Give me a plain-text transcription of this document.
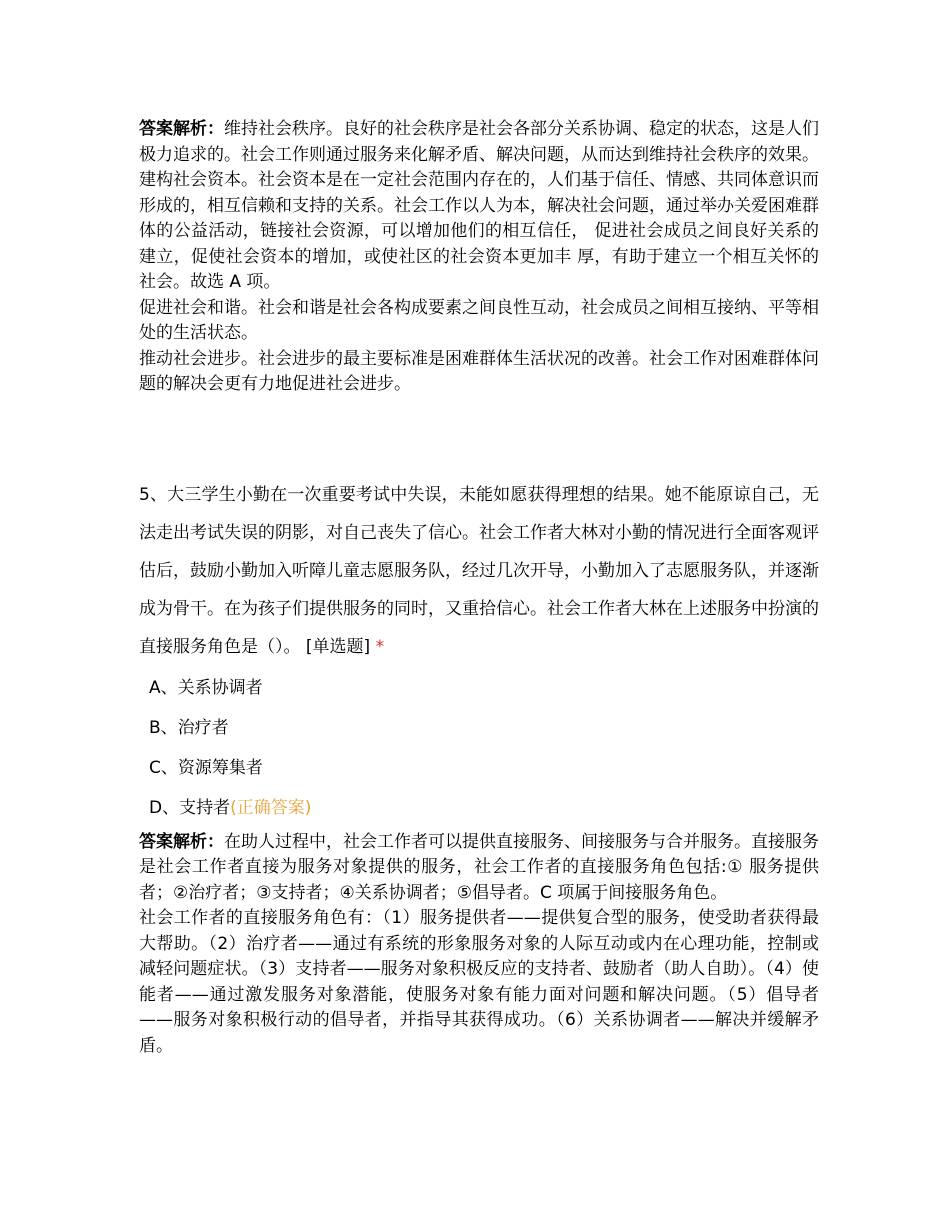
答案解析：维持社会秩序。良好的社会秩序是社会各部分关系协调、稳定的状态，这是人们极力追求的。社会工作则通过服务来化解矛盾、解决问题，从而达到维持社会秩序的效果。

建构社会资本。社会资本是在一定社会范围内存在的，人们基于信任、情感、共同体意识而形成的，相互信赖和支持的关系。社会工作以人为本，解决社会问题，通过举办关爱困难群体的公益活动，链接社会资源，可以增加他们的相互信任， 促进社会成员之间良好关系的建立，促使社会资本的增加，或使社区的社会资本更加丰 厚，有助于建立一个相互关怀的社会。故选 A 项。

促进社会和谐。社会和谐是社会各构成要素之间良性互动，社会成员之间相互接纳、平等相处的生活状态。

推动社会进步。社会进步的最主要标准是困难群体生活状况的改善。社会工作对困难群体问题的解决会更有力地促进社会进步。

5、大三学生小勤在一次重要考试中失误，未能如愿获得理想的结果。她不能原谅自己，无法走出考试失误的阴影，对自己丧失了信心。社会工作者大林对小勤的情况进行全面客观评估后，鼓励小勤加入听障儿童志愿服务队，经过几次开导，小勤加入了志愿服务队，并逐渐成为骨干。在为孩子们提供服务的同时，又重拾信心。社会工作者大林在上述服务中扮演的直接服务角色是（）。 [单选题] *
A、关系协调者
B、治疗者
C、资源筹集者
D、支持者(正确答案)

答案解析：在助人过程中，社会工作者可以提供直接服务、间接服务与合并服务。直接服务是社会工作者直接为服务对象提供的服务，社会工作者的直接服务角色包括:① 服务提供者；②治疗者；③支持者；④关系协调者；⑤倡导者。C 项属于间接服务角色。

社会工作者的直接服务角色有：（1）服务提供者——提供复合型的服务，使受助者获得最大帮助。（2）治疗者——通过有系统的形象服务对象的人际互动或内在心理功能，控制或减轻问题症状。（3）支持者——服务对象积极反应的支持者、鼓励者（助人自助）。（4）使能者——通过激发服务对象潜能，使服务对象有能力面对问题和解决问题。（5）倡导者——服务对象积极行动的倡导者，并指导其获得成功。（6）关系协调者——解决并缓解矛盾。
